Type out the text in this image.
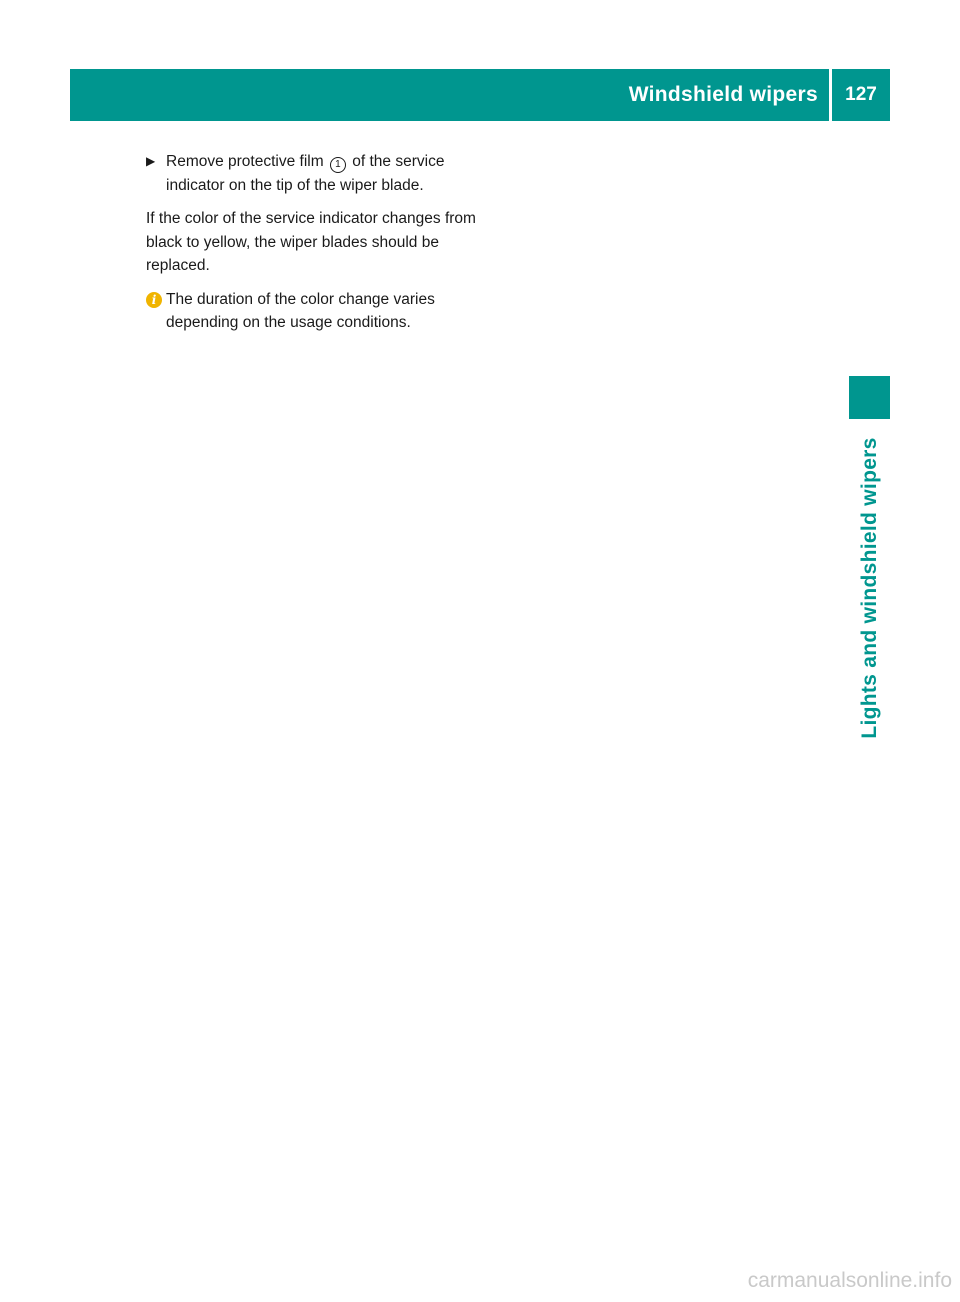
Windshield wipers	127
Lights and windshield wipers

▶ Remove protective film 1 of the service indicator on the tip of the wiper blade.

If the color of the service indicator changes from black to yellow, the wiper blades should be replaced.

i The duration of the color change varies depending on the usage conditions.

carmanualsonline.info
